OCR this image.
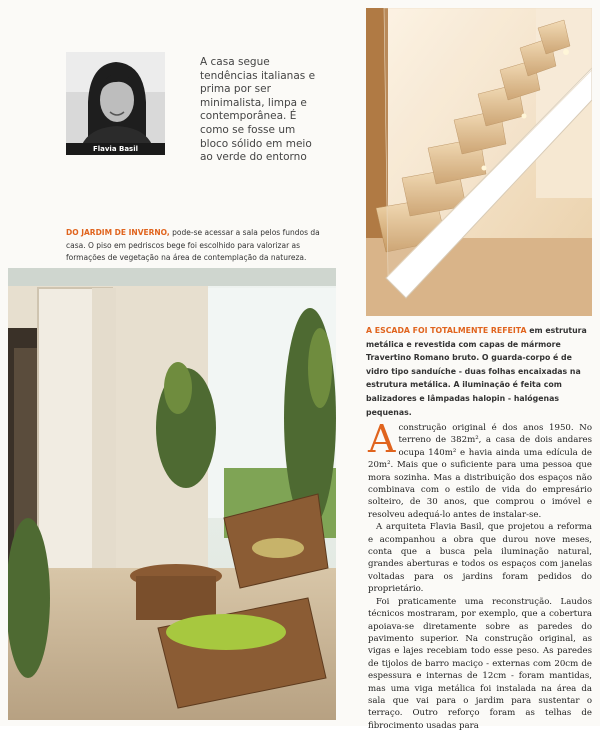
Flavia Basil
A casa segue tendências italianas e prima por ser minimalista, limpa e contemporânea. É como se fosse um bloco sólido em meio ao verde do entorno
DO JARDIM DE INVERNO, pode-se acessar a sala pelos fundos da casa. O piso em pedriscos bege foi escolhido para valorizar as formações de vegetação na área de contemplação da natureza.
A ESCADA FOI TOTALMENTE REFEITA em estrutura metálica e revestida com capas de mármore Travertino Romano bruto. O guarda-corpo é de vidro tipo sanduíche - duas folhas encaixadas na estrutura metálica. A iluminação é feita com balizadores e lâmpadas halopin - halógenas pequenas.

Aconstrução original é dos anos 1950. No terreno de 382m², a casa de dois andares ocupa 140m² e havia ainda uma edícula de 20m². Mais que o suficiente para uma pessoa que mora sozinha. Mas a distribuição dos espaços não combinava com o estilo de vida do empresário solteiro, de 30 anos, que comprou o imóvel e resolveu adequá-lo antes de instalar-se.

A arquiteta Flavia Basil, que projetou a reforma e acompanhou a obra que durou nove meses, conta que a busca pela iluminação natural, grandes aberturas e todos os espaços com janelas voltadas para os jardins foram pedidos do proprietário.

Foi praticamente uma reconstrução. Laudos técnicos mostraram, por exemplo, que a cobertura apoiava-se diretamente sobre as paredes do pavimento superior. Na construção original, as vigas e lajes recebiam todo esse peso. As paredes de tijolos de barro maciço - externas com 20cm de espessura e internas de 12cm - foram mantidas, mas uma viga metálica foi instalada na área da sala que vai para o jardim para sustentar o terraço. Outro reforço foram as telhas de fibrocimento usadas para
